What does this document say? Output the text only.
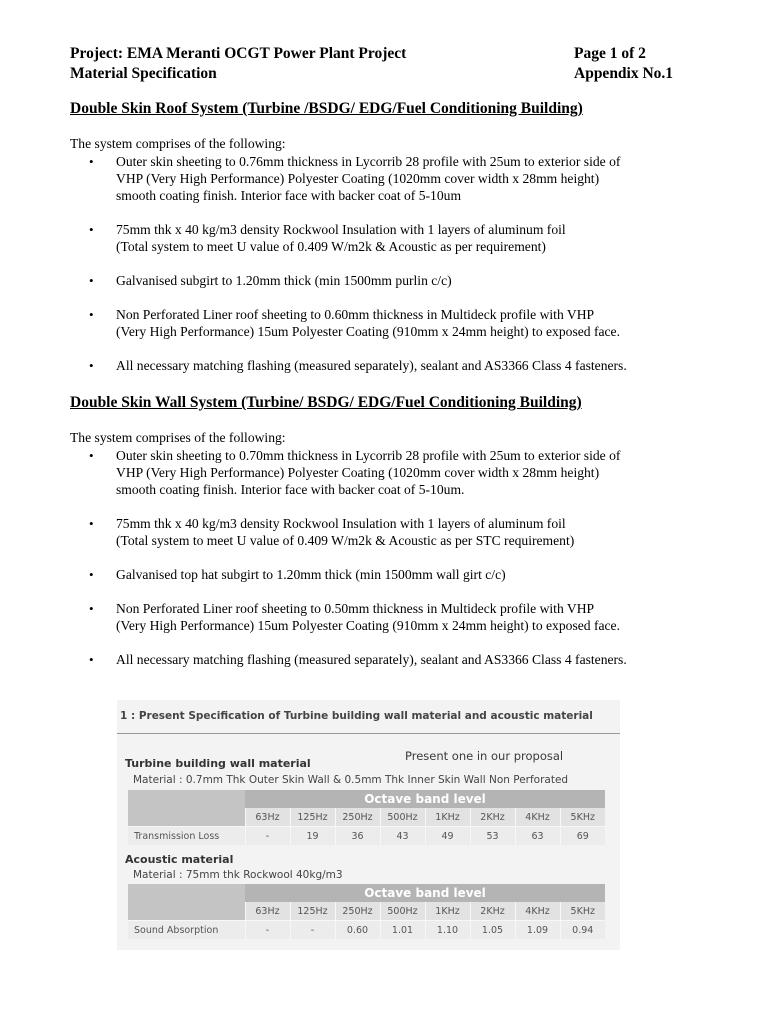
Project: EMA Meranti OCGT Power Plant Project	Page 1 of 2
Material Specification	Appendix No.1
Double Skin Roof System (Turbine /BSDG/ EDG/Fuel Conditioning Building)
The system comprises of the following:
• Outer skin sheeting to 0.76mm thickness in Lycorrib 28 profile with 25um to exterior side of
VHP (Very High Performance) Polyester Coating (1020mm cover width x 28mm height)
smooth coating finish. Interior face with backer coat of 5-10um
• 75mm thk x 40 kg/m3 density Rockwool Insulation with 1 layers of aluminum foil
(Total system to meet U value of 0.409 W/m2k & Acoustic as per requirement)
• Galvanised subgirt to 1.20mm thick (min 1500mm purlin c/c)
• Non Perforated Liner roof sheeting to 0.60mm thickness in Multideck profile with VHP
(Very High Performance) 15um Polyester Coating (910mm x 24mm height) to exposed face.
• All necessary matching flashing (measured separately), sealant and AS3366 Class 4 fasteners.
Double Skin Wall System (Turbine/ BSDG/ EDG/Fuel Conditioning Building)
The system comprises of the following:
• Outer skin sheeting to 0.70mm thickness in Lycorrib 28 profile with 25um to exterior side of
VHP (Very High Performance) Polyester Coating (1020mm cover width x 28mm height)
smooth coating finish. Interior face with backer coat of 5-10um.
• 75mm thk x 40 kg/m3 density Rockwool Insulation with 1 layers of aluminum foil
(Total system to meet U value of 0.409 W/m2k & Acoustic as per STC requirement)
• Galvanised top hat subgirt to 1.20mm thick (min 1500mm wall girt c/c)
• Non Perforated Liner roof sheeting to 0.50mm thickness in Multideck profile with VHP
(Very High Performance) 15um Polyester Coating (910mm x 24mm height) to exposed face.
• All necessary matching flashing (measured separately), sealant and AS3366 Class 4 fasteners.
1 : Present Specification of Turbine building wall material and acoustic material
Present one in our proposal
Turbine building wall material
Material : 0.7mm Thk Outer Skin Wall & 0.5mm Thk Inner Skin Wall Non Perforated
	Octave band level							
	63Hz	125Hz	250Hz	500Hz	1KHz	2KHz	4KHz	5KHz
Transmission Loss	-	19	36	43	49	53	63	69
Acoustic material
Material : 75mm thk Rockwool 40kg/m3
	Octave band level							
	63Hz	125Hz	250Hz	500Hz	1KHz	2KHz	4KHz	5KHz
Sound Absorption	-	-	0.60	1.01	1.10	1.05	1.09	0.94
